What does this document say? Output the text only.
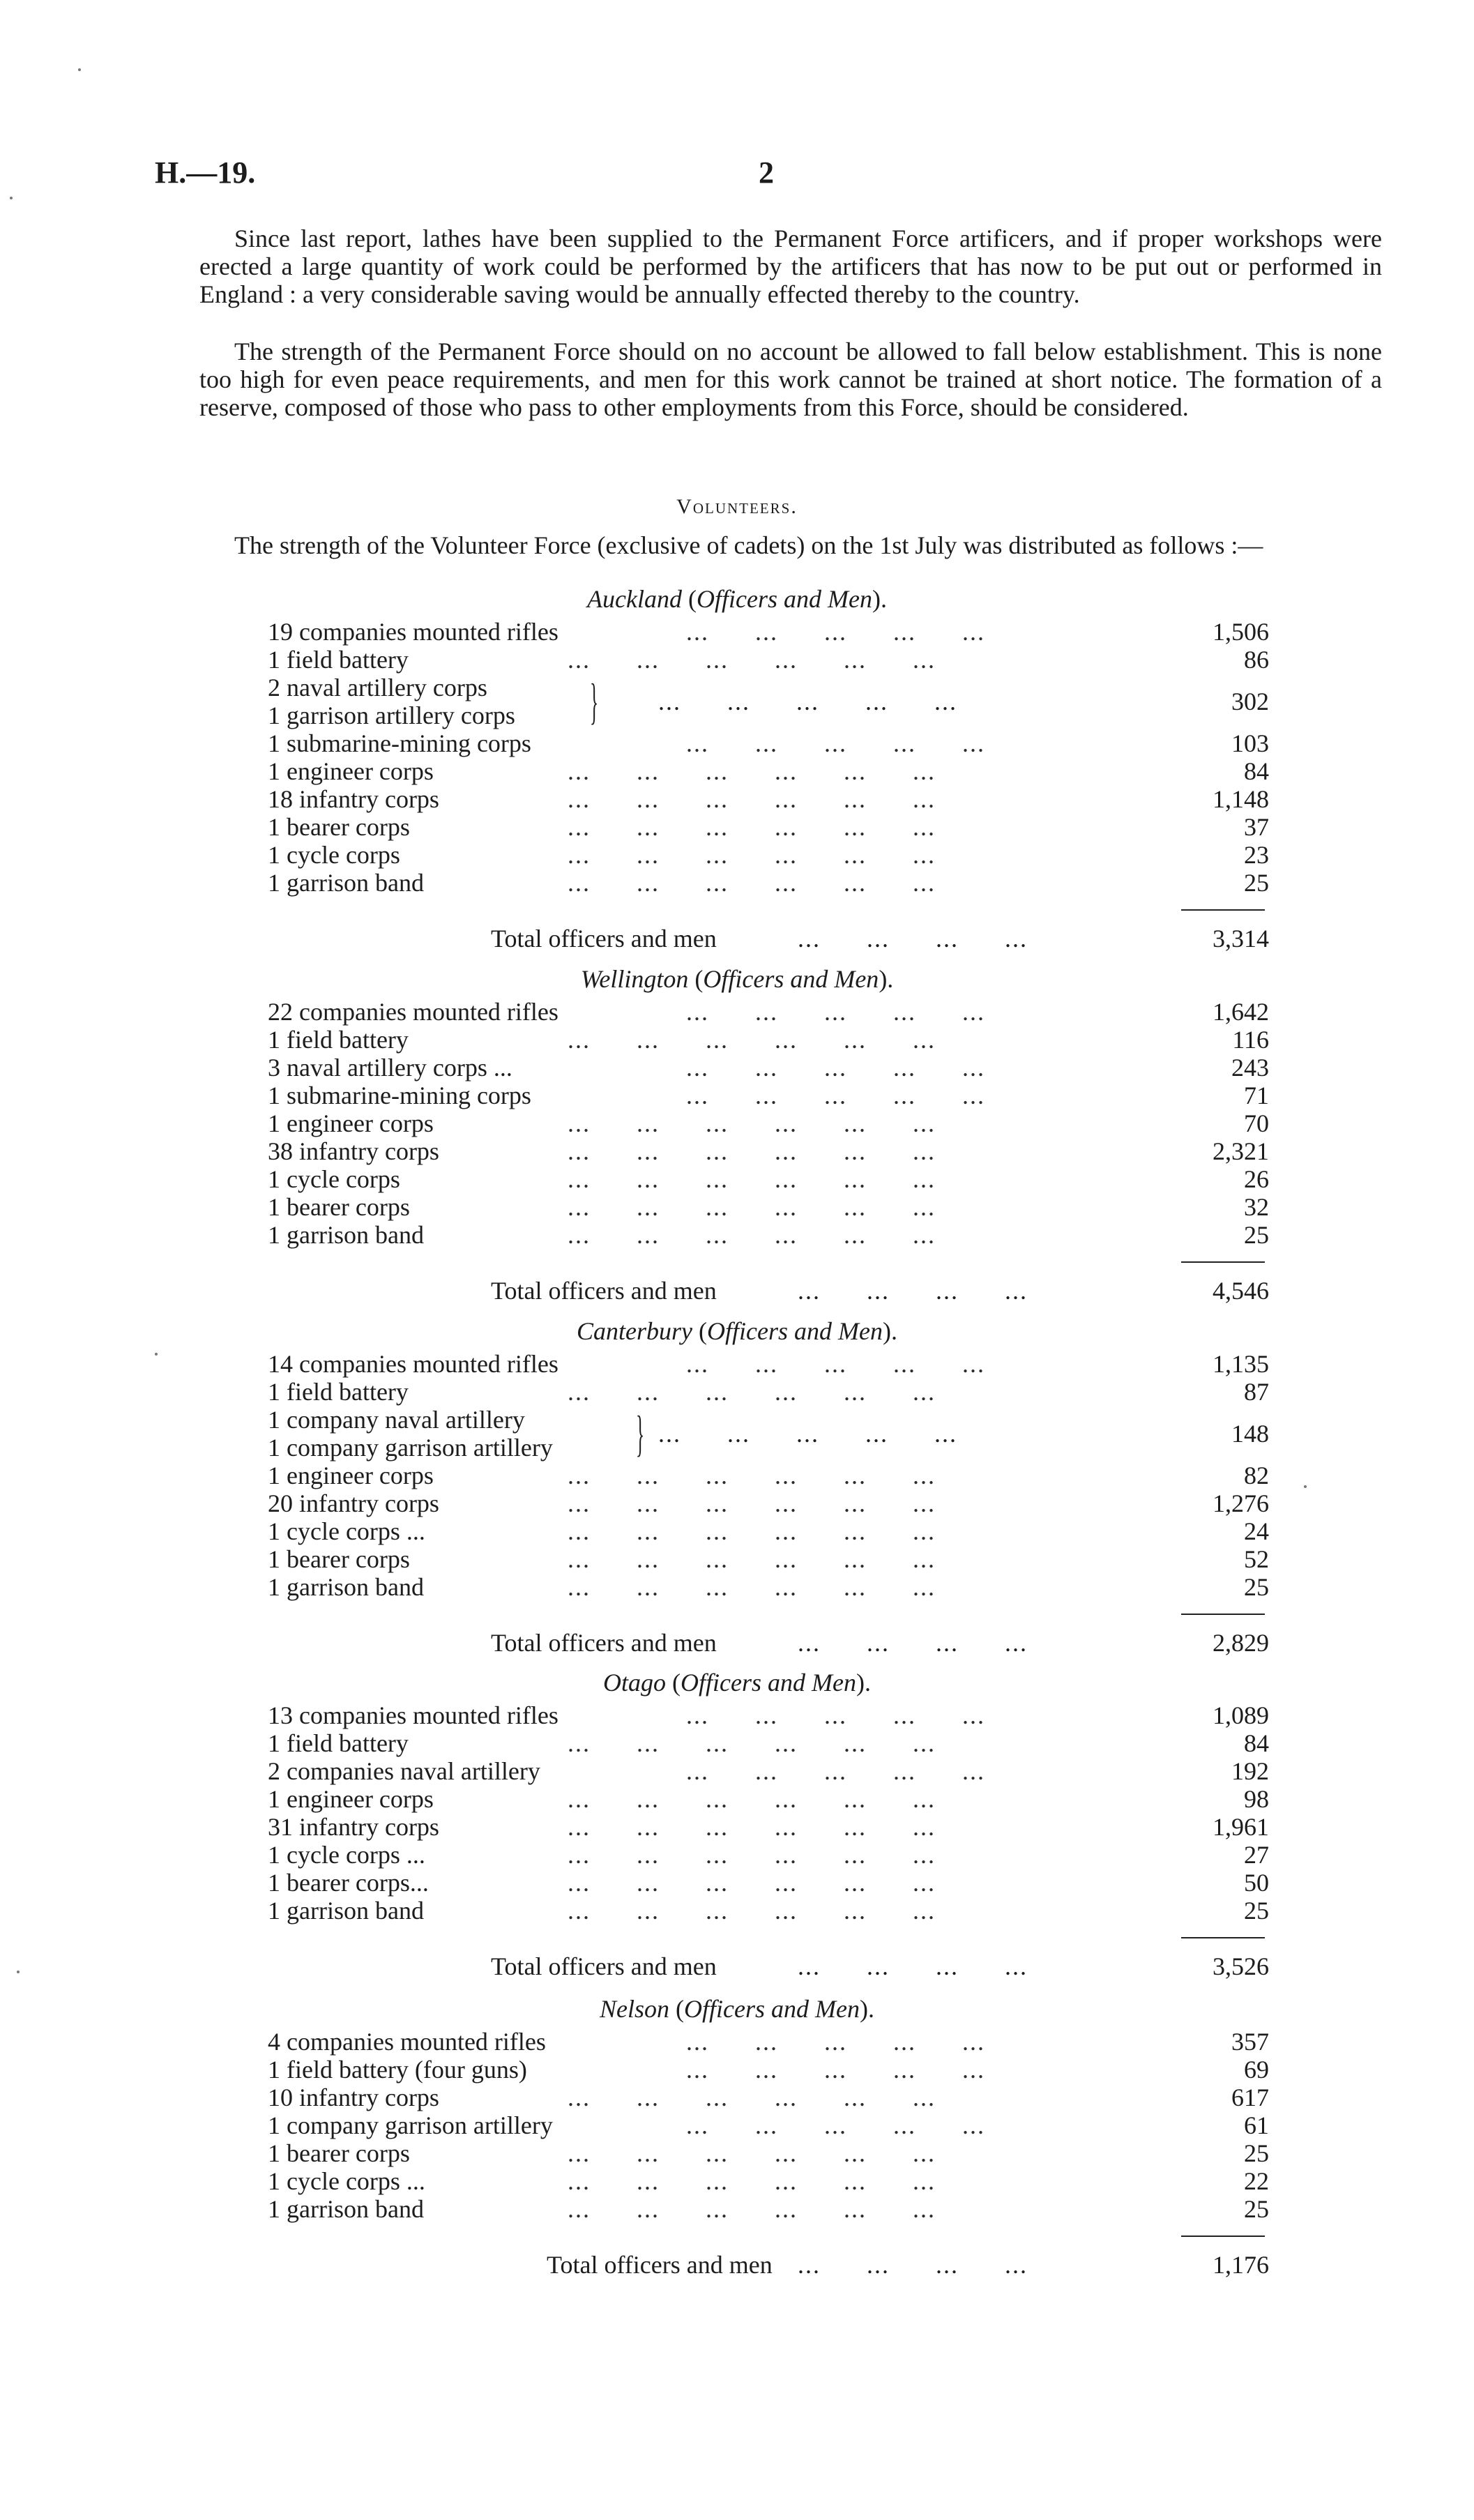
H.—19.	2

Since last report, lathes have been supplied to the Permanent Force artificers, and if proper workshops were erected a large quantity of work could be performed by the artificers that has now to be put out or performed in England : a very considerable saving would be annually effected thereby to the country.

The strength of the Permanent Force should on no account be allowed to fall below establishment. This is none too high for even peace requirements, and men for this work cannot be trained at short notice. The formation of a reserve, composed of those who pass to other employments from this Force, should be considered.

Volunteers.

The strength of the Volunteer Force (exclusive of cadets) on the 1st July was distributed as follows :—

Auckland (Officers and Men).
19 companies mounted rifles	...      ...      ...      ...      ...	1,506
1 field battery	...      ...      ...      ...      ...      ...	86
2 naval artillery corps
1 garrison artillery corps } ...      ...      ...      ...      ...	302
1 submarine-mining corps	...      ...      ...      ...      ...	103
1 engineer corps	...      ...      ...      ...      ...      ...	84
18 infantry corps	...      ...      ...      ...      ...      ...	1,148
1 bearer corps	...      ...      ...      ...      ...      ...	37
1 cycle corps	...      ...      ...      ...      ...      ...	23
1 garrison band	...      ...      ...      ...      ...      ...	25
Total officers and men	...      ...      ...      ...	3,314
Wellington (Officers and Men).
22 companies mounted rifles	...      ...      ...      ...      ...	1,642
1 field battery	...      ...      ...      ...      ...      ...	116
3 naval artillery corps ...	...      ...      ...      ...      ...	243
1 submarine-mining corps	...      ...      ...      ...      ...	71
1 engineer corps	...      ...      ...      ...      ...      ...	70
38 infantry corps	...      ...      ...      ...      ...      ...	2,321
1 cycle corps	...      ...      ...      ...      ...      ...	26
1 bearer corps	...      ...      ...      ...      ...      ...	32
1 garrison band	...      ...      ...      ...      ...      ...	25
Total officers and men	...      ...      ...      ...	4,546
Canterbury (Officers and Men).
14 companies mounted rifles	...      ...      ...      ...      ...	1,135
1 field battery	...      ...      ...      ...      ...      ...	87
1 company naval artillery
1 company garrison artillery } ...      ...      ...      ...      ...	148
1 engineer corps	...      ...      ...      ...      ...      ...	82
20 infantry corps	...      ...      ...      ...      ...      ...	1,276
1 cycle corps ...	...      ...      ...      ...      ...      ...	24
1 bearer corps	...      ...      ...      ...      ...      ...	52
1 garrison band	...      ...      ...      ...      ...      ...	25
Total officers and men	...      ...      ...      ...	2,829
Otago (Officers and Men).
13 companies mounted rifles	...      ...      ...      ...      ...	1,089
1 field battery	...      ...      ...      ...      ...      ...	84
2 companies naval artillery	...      ...      ...      ...      ...	192
1 engineer corps	...      ...      ...      ...      ...      ...	98
31 infantry corps	...      ...      ...      ...      ...      ...	1,961
1 cycle corps ...	...      ...      ...      ...      ...      ...	27
1 bearer corps...	...      ...      ...      ...      ...      ...	50
1 garrison band	...      ...      ...      ...      ...      ...	25
Total officers and men	...      ...      ...      ...	3,526
Nelson (Officers and Men).
4 companies mounted rifles	...      ...      ...      ...      ...	357
1 field battery (four guns)	...      ...      ...      ...      ...	69
10 infantry corps	...      ...      ...      ...      ...      ...	617
1 company garrison artillery	...      ...      ...      ...      ...	61
1 bearer corps	...      ...      ...      ...      ...      ...	25
1 cycle corps ...	...      ...      ...      ...      ...      ...	22
1 garrison band	...      ...      ...      ...      ...      ...	25
Total officers and men ...      ...      ...      ...	1,176
